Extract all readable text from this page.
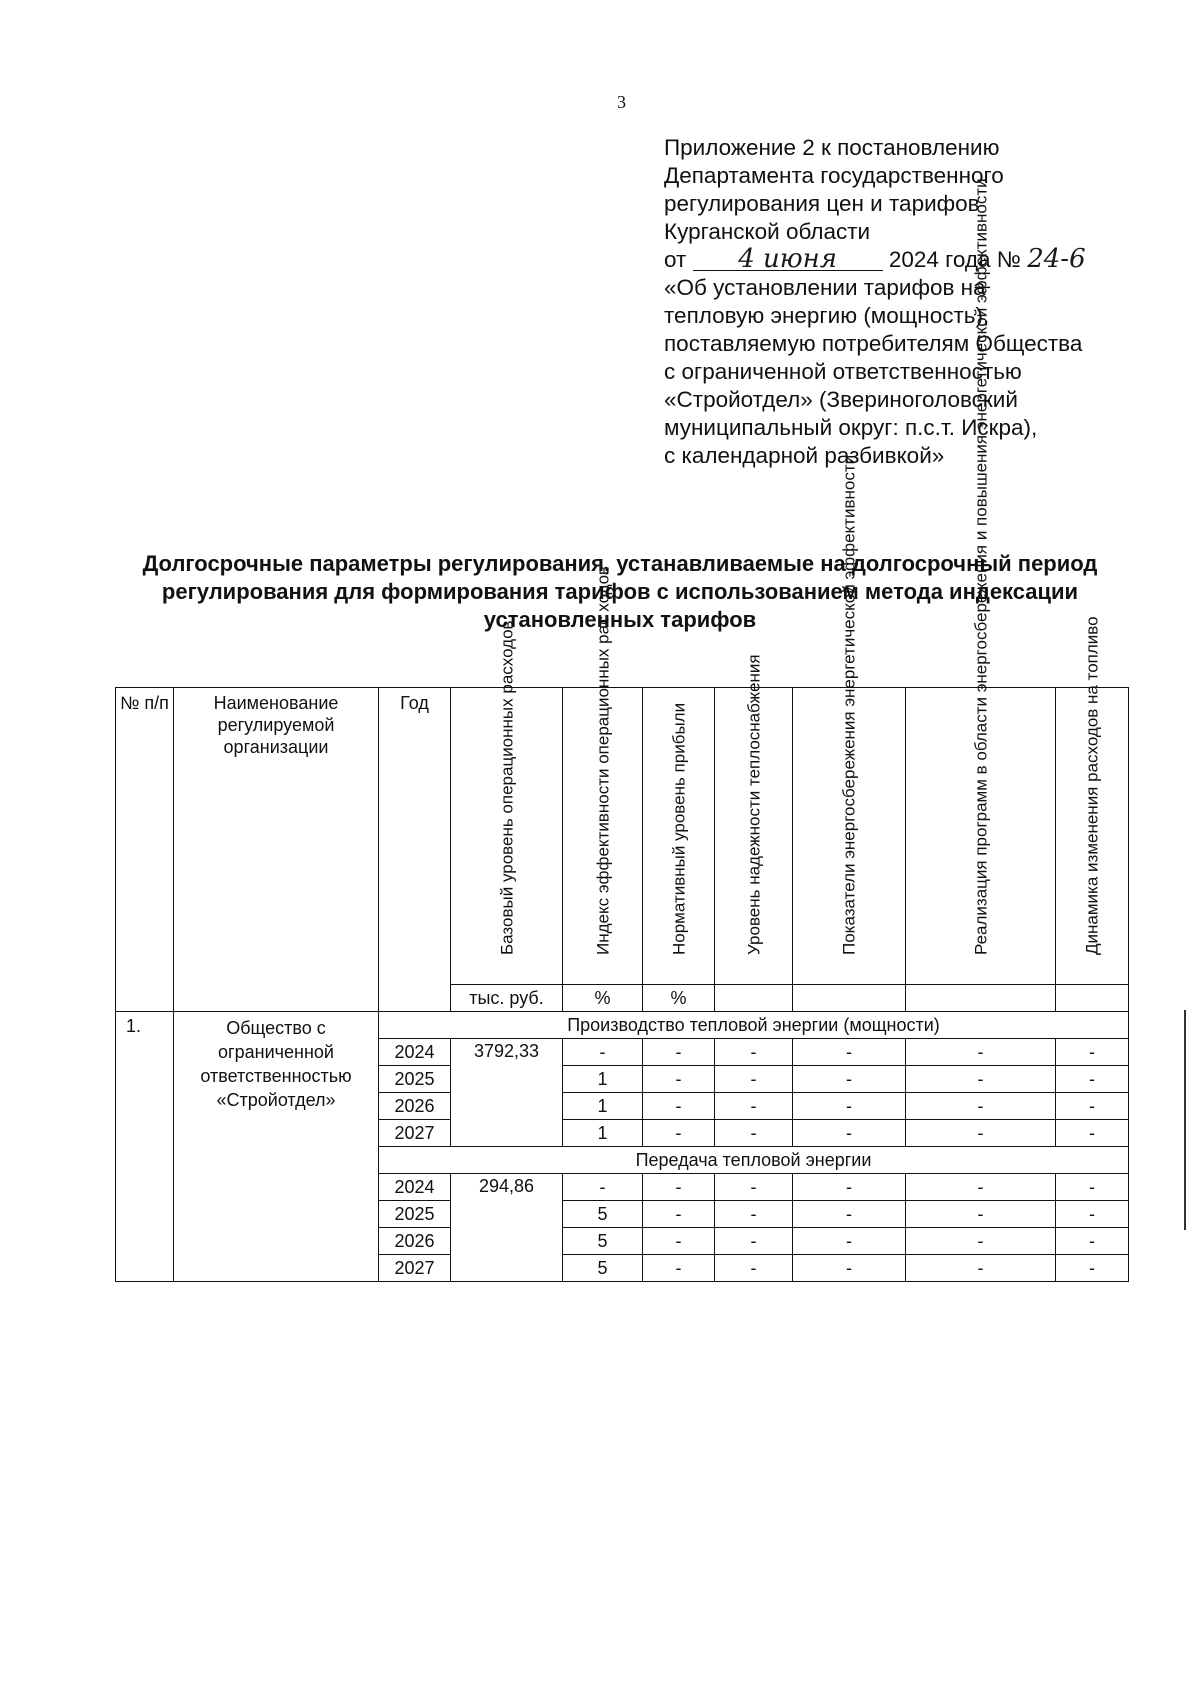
3
Приложение 2 к постановлению
Департамента государственного
регулирования цен и тарифов
Курганской области
от 4 июня 2024 года № 24-6
«Об установлении тарифов на
тепловую энергию (мощность),
поставляемую потребителям Общества
с ограниченной ответственностью
«Стройотдел» (Звериноголовский
муниципальный округ: п.с.т. Искра),
с календарной разбивкой»
Долгосрочные параметры регулирования, устанавливаемые на долгосрочный период регулирования для формирования тарифов с использованием метода индексации установленных тарифов
№ п/п	Наименование регулируемой организации	Год	Базовый уровень операционных расходов	Индекс эффективности операционных рас ходов	Нормативный уровень прибыли	Уровень надежности теплоснабжения	Показатели энергосбережения энергетической эффективности	Реализация программ в области энергосбережения и повышения энергетической эффективности	Динамика изменения расходов на топливо

			тыс. руб.	%	%				
1.	Общество с ограниченной ответственностью «Стройотдел»	Производство тепловой энергии (мощности)							
		2024	3792,33	-	-	-	-	-	-
		2025		1	-	-	-	-	-
		2026		1	-	-	-	-	-
		2027		1	-	-	-	-	-
		Передача тепловой энергии							
		2024	294,86	-	-	-	-	-	-
		2025		5	-	-	-	-	-
		2026		5	-	-	-	-	-
		2027		5	-	-	-	-	-
